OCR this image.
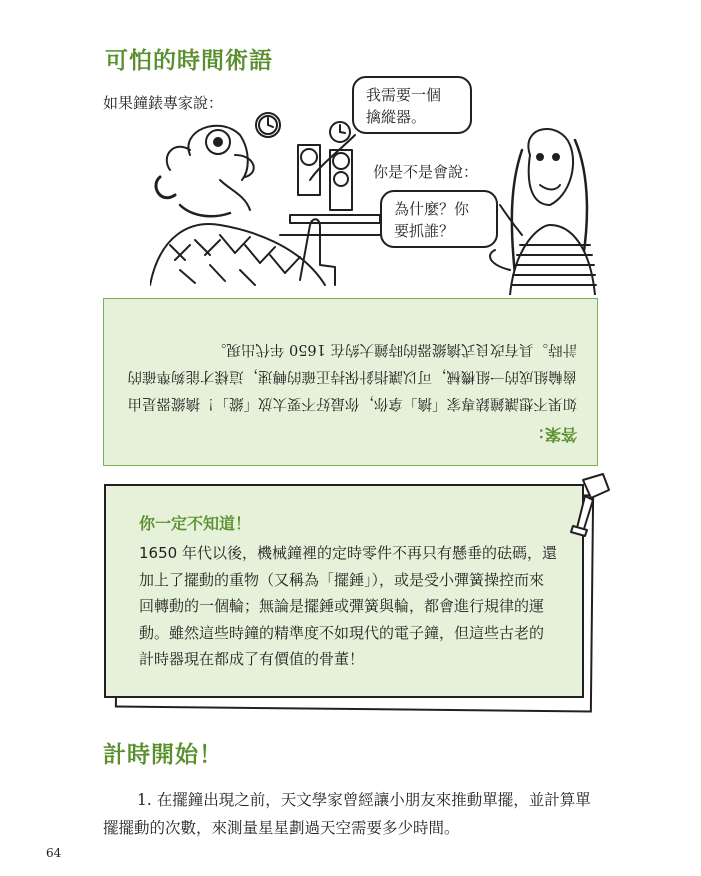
可怕的時間術語
如果鐘錶專家說：	我需要一個
擒縱器。
你是不是會說：
為什麼？你
要抓誰？
答案：
如果不想讓鐘錶專家「擒」拿你，你最好不要太放「縱」！擒縱器是由齒輪組成的一組機械，可以讓指針保持正確的轉速，這樣才能夠準確的計時。具有改良式擒縱器的時鐘大約在 1650 年代出現。
你一定不知道！
1650 年代以後，機械鐘裡的定時零件不再只有懸垂的砝碼，還加上了擺動的重物（又稱為「擺錘」），或是受小彈簧操控而來回轉動的一個輪；無論是擺錘或彈簧與輪，都會進行規律的運動。雖然這些時鐘的精準度不如現代的電子鐘，但這些古老的計時器現在都成了有價值的骨董！
計時開始！
1. 在擺鐘出現之前，天文學家曾經讓小朋友來推動單擺，並計算單擺擺動的次數，來測量星星劃過天空需要多少時間。
64
